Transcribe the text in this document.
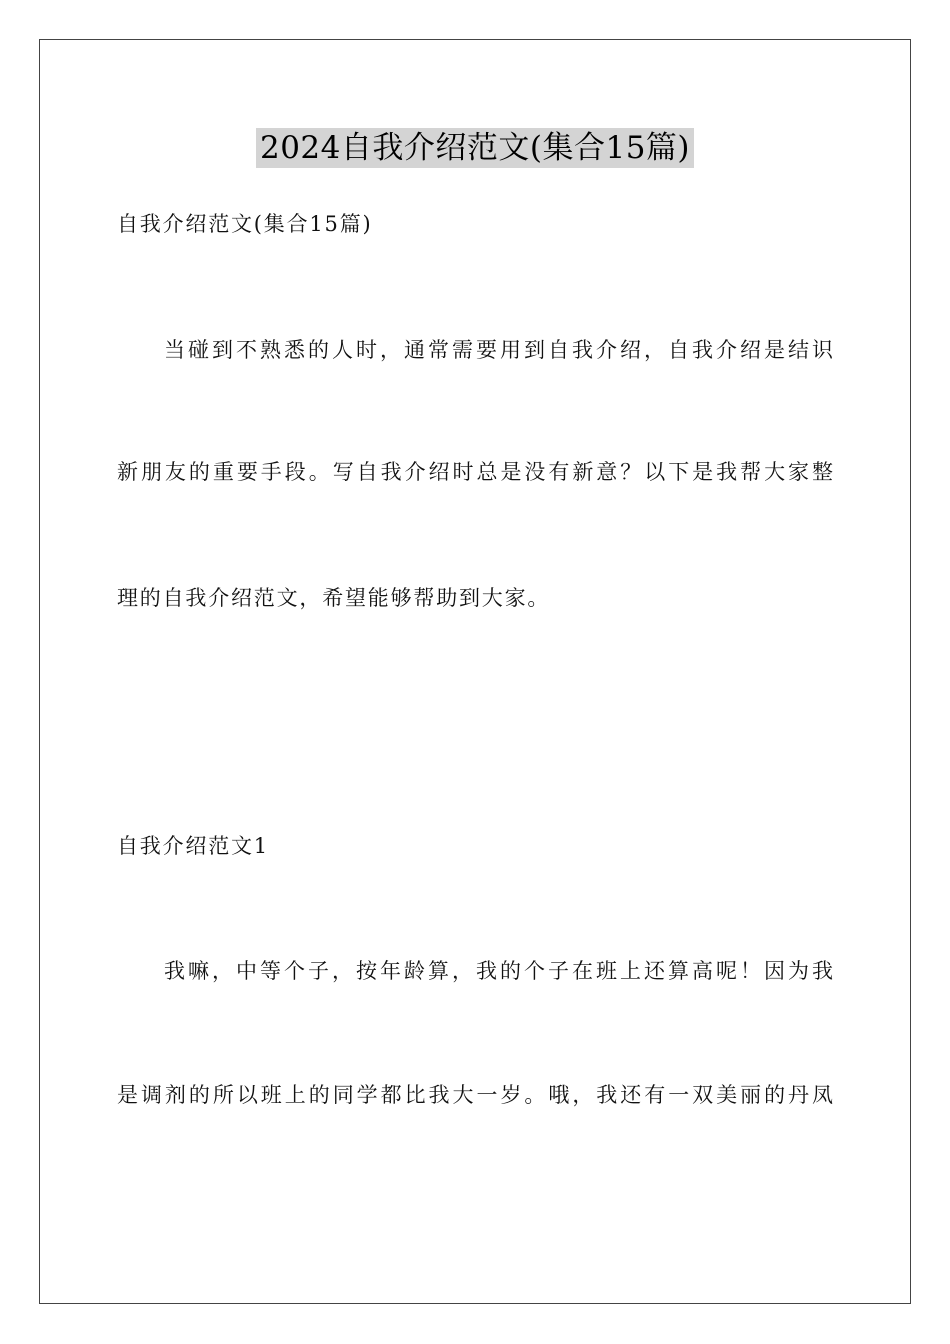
2024自我介绍范文(集合15篇)
自我介绍范文(集合15篇)
当碰到不熟悉的人时，通常需要用到自我介绍，自我介绍是结识
新朋友的重要手段。写自我介绍时总是没有新意？以下是我帮大家整
理的自我介绍范文，希望能够帮助到大家。
自我介绍范文1
我嘛，中等个子，按年龄算，我的个子在班上还算高呢！因为我
是调剂的所以班上的同学都比我大一岁。哦，我还有一双美丽的丹凤
